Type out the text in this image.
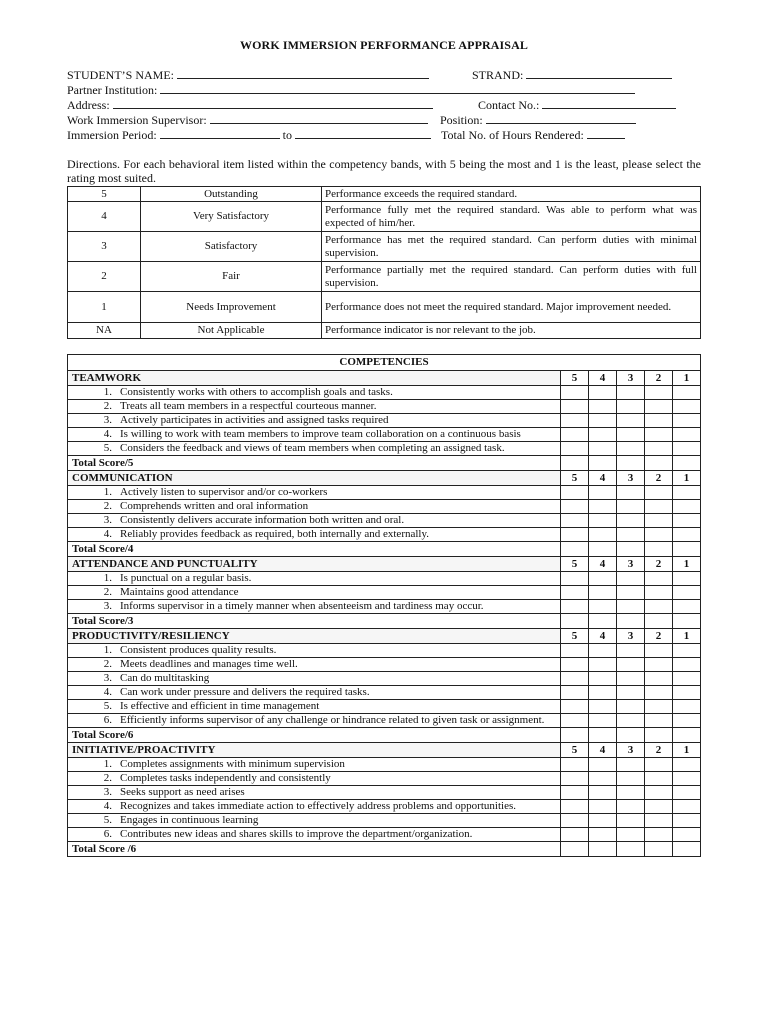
WORK IMMERSION PERFORMANCE APPRAISAL
STUDENT’S NAME:	STRAND:
Partner Institution:
Address:	Contact No.:
Work Immersion Supervisor:	Position:
Immersion Period:	to	Total No. of Hours Rendered:
Directions. For each behavioral item listed within the competency bands, with 5 being the most and 1 is the least, please select the rating most suited.
5	Outstanding	Performance exceeds the required standard.
4	Very Satisfactory	Performance fully met the required standard. Was able to perform what was expected of him/her.
3	Satisfactory	Performance has met the required standard. Can perform duties with minimal supervision.
2	Fair	Performance partially met the required standard. Can perform duties with full supervision.
1	Needs Improvement	Performance does not meet the required standard. Major improvement needed.
NA	Not Applicable	Performance indicator is nor relevant to the job.
COMPETENCIES					
TEAMWORK	5	4	3	2	1

1. Consistently works with others to accomplish goals and tasks.					

2. Treats all team members in a respectful courteous manner.					

3. Actively participates in activities and assigned tasks required					

4. Is willing to work with team members to improve team collaboration on a continuous basis					

5. Considers the feedback and views of team members when completing an assigned task.					

Total Score/5					
COMMUNICATION	5	4	3	2	1

1. Actively listen to supervisor and/or co-workers					

2. Comprehends written and oral information					

3. Consistently delivers accurate information both written and oral.					

4. Reliably provides feedback as required, both internally and externally.					

Total Score/4					
ATTENDANCE AND PUNCTUALITY	5	4	3	2	1

1. Is punctual on a regular basis.					

2. Maintains good attendance					

3. Informs supervisor in a timely manner when absenteeism and tardiness may occur.					

Total Score/3					
PRODUCTIVITY/RESILIENCY	5	4	3	2	1

1. Consistent produces quality results.					

2. Meets deadlines and manages time well.					

3. Can do multitasking					

4. Can work under pressure and delivers the required tasks.					

5. Is effective and efficient in time management					

6. Efficiently informs supervisor of any challenge or hindrance related to given task or assignment.					

Total Score/6					
INITIATIVE/PROACTIVITY	5	4	3	2	1

1. Completes assignments with minimum supervision					

2. Completes tasks independently and consistently					

3. Seeks support as need arises					

4. Recognizes and takes immediate action to effectively address problems and opportunities.					

5. Engages in continuous learning					

6. Contributes new ideas and shares skills to improve the department/organization.					

Total Score /6					
